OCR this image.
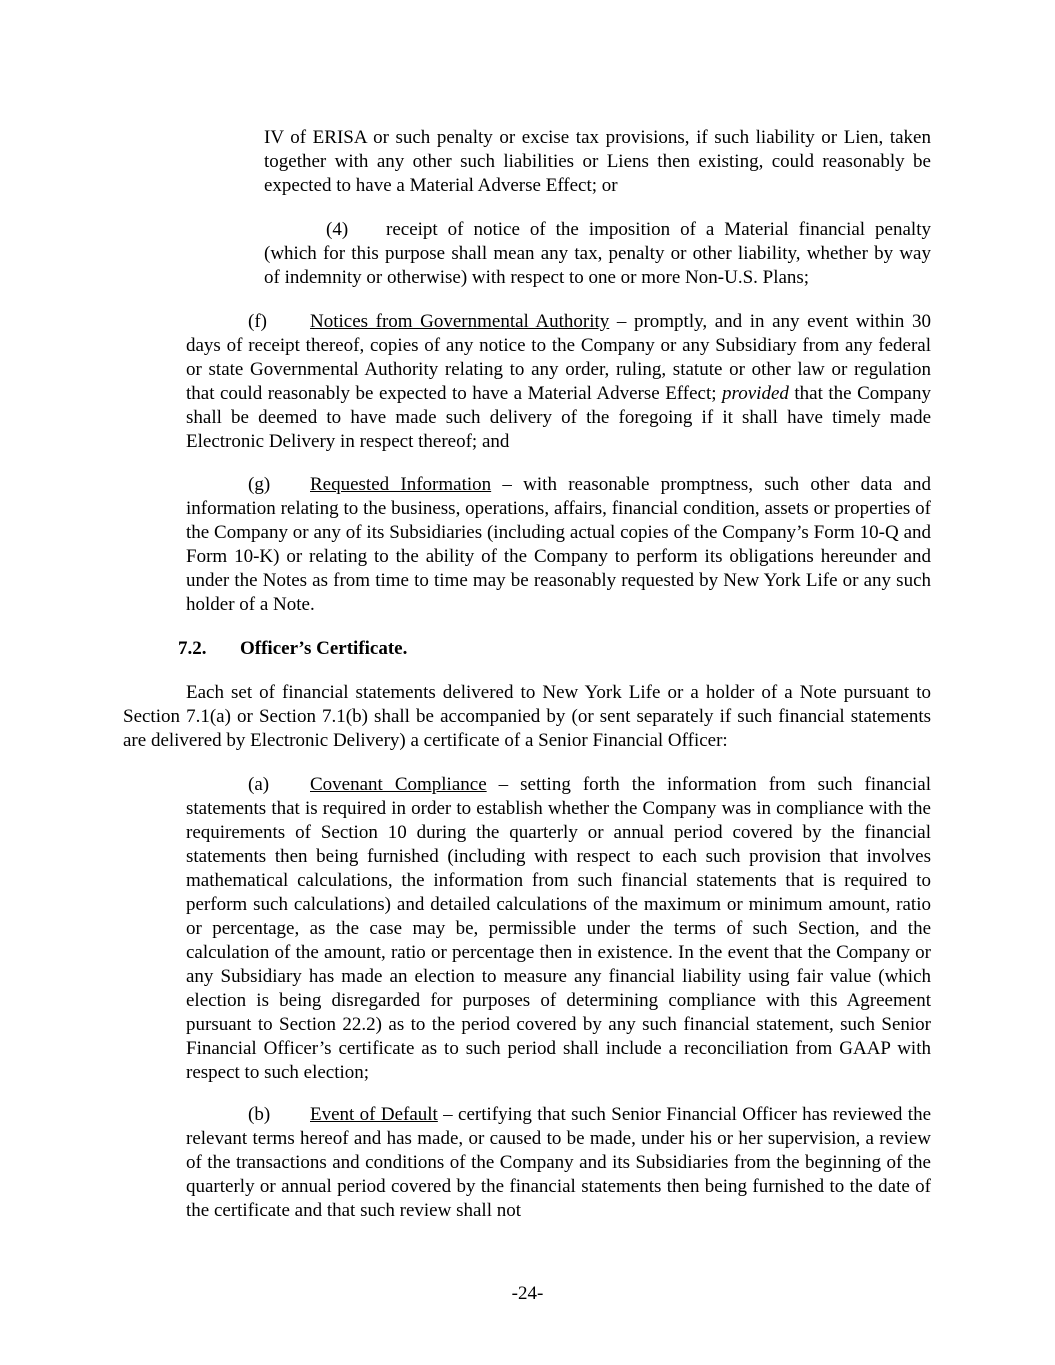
IV of ERISA or such penalty or excise tax provisions, if such liability or Lien, taken together with any other such liabilities or Liens then existing, could reasonably be expected to have a Material Adverse Effect; or

(4) receipt of notice of the imposition of a Material financial penalty (which for this purpose shall mean any tax, penalty or other liability, whether by way of indemnity or otherwise) with respect to one or more Non-U.S. Plans;

(f) Notices from Governmental Authority – promptly, and in any event within 30 days of receipt thereof, copies of any notice to the Company or any Subsidiary from any federal or state Governmental Authority relating to any order, ruling, statute or other law or regulation that could reasonably be expected to have a Material Adverse Effect; provided that the Company shall be deemed to have made such delivery of the foregoing if it shall have timely made Electronic Delivery in respect thereof; and

(g) Requested Information – with reasonable promptness, such other data and information relating to the business, operations, affairs, financial condition, assets or properties of the Company or any of its Subsidiaries (including actual copies of the Company’s Form 10-Q and Form 10-K) or relating to the ability of the Company to perform its obligations hereunder and under the Notes as from time to time may be reasonably requested by New York Life or any such holder of a Note.

7.2. Officer’s Certificate.

Each set of financial statements delivered to New York Life or a holder of a Note pursuant to Section 7.1(a) or Section 7.1(b) shall be accompanied by (or sent separately if such financial statements are delivered by Electronic Delivery) a certificate of a Senior Financial Officer:

(a) Covenant Compliance – setting forth the information from such financial statements that is required in order to establish whether the Company was in compliance with the requirements of Section 10 during the quarterly or annual period covered by the financial statements then being furnished (including with respect to each such provision that involves mathematical calculations, the information from such financial statements that is required to perform such calculations) and detailed calculations of the maximum or minimum amount, ratio or percentage, as the case may be, permissible under the terms of such Section, and the calculation of the amount, ratio or percentage then in existence. In the event that the Company or any Subsidiary has made an election to measure any financial liability using fair value (which election is being disregarded for purposes of determining compliance with this Agreement pursuant to Section 22.2) as to the period covered by any such financial statement, such Senior Financial Officer’s certificate as to such period shall include a reconciliation from GAAP with respect to such election;

(b) Event of Default – certifying that such Senior Financial Officer has reviewed the relevant terms hereof and has made, or caused to be made, under his or her supervision, a review of the transactions and conditions of the Company and its Subsidiaries from the beginning of the quarterly or annual period covered by the financial statements then being furnished to the date of the certificate and that such review shall not

-24-
